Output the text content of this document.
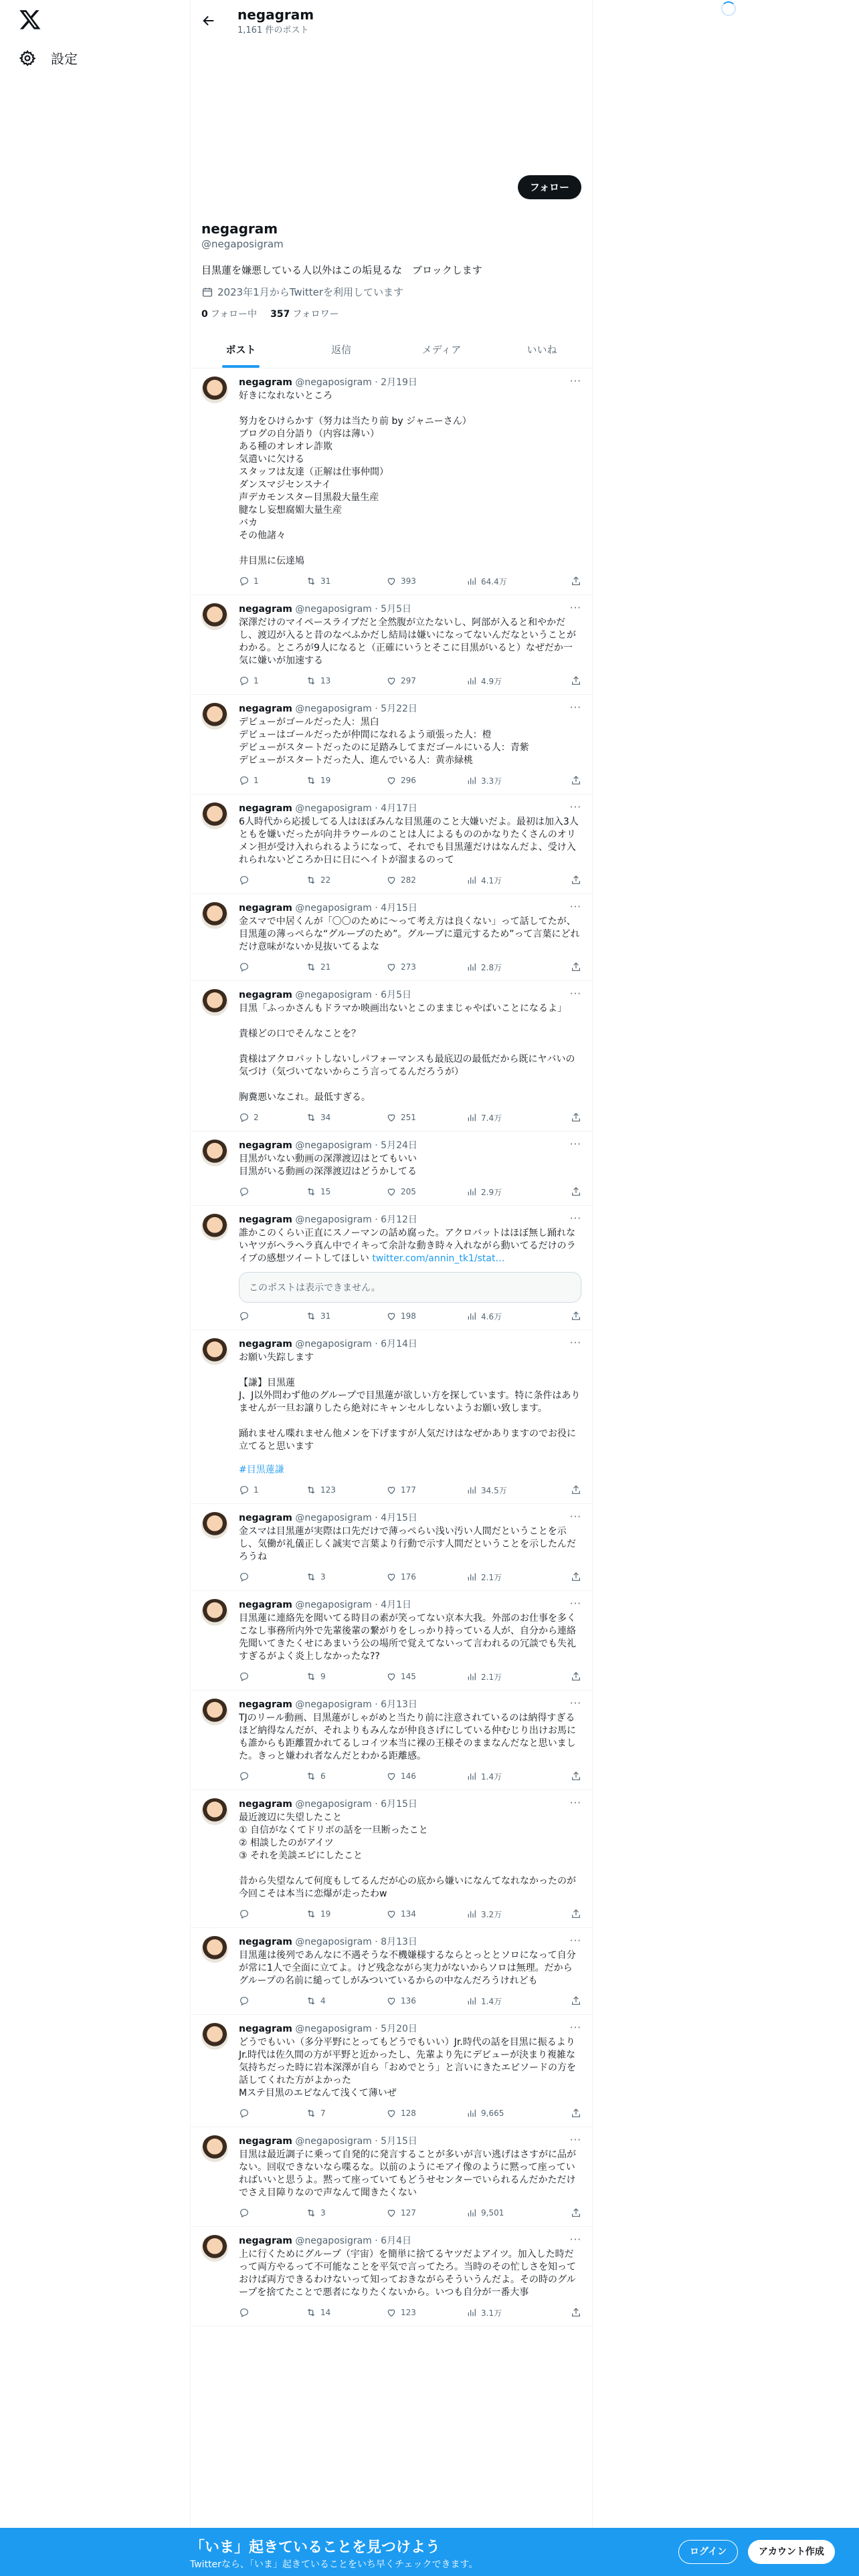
設定
negagram
1,161 件のポスト
フォロー
negagram
@negaposigram
目黒蓮を嫌悪している人以外はこの垢見るな　ブロックします
2023年1月からTwitterを利用しています
0 フォロー中 357 フォロワー
ポスト	返信	メディア	いいね
···
negagram @negaposigram · 2月19日
好きになれないところ

努力をひけらかす（努力は当たり前 by ジャニーさん）
ブログの自分語り（内容は薄い）
ある種のオレオレ詐欺
気遣いに欠ける
スタッフは友達（正解は仕事仲間）
ダンスマジセンスナイ
声デカモンスター目黒殺大量生産
腱なし妄想腐媚大量生産
バカ
その他諸々

井目黒に伝達鳩
1	31	393	64.4万
···
negagram @negaposigram · 5月5日
深澤だけのマイペースライブだと全然腹が立たないし、阿部が入ると和やかだし、渡辺が入ると昔のなべふかだし結局は嫌いになってないんだなということがわかる。ところが9人になると（正確にいうとそこに目黒がいると）なぜだか一気に嫌いが加速する
1	13	297	4.9万
···
negagram @negaposigram · 5月22日
デビューがゴールだった人：黒白
デビューはゴールだったが仲間になれるよう頑張った人：橙
デビューがスタートだったのに足踏みしてまだゴールにいる人：青紫
デビューがスタートだった人、進んでいる人：黄赤緑桃
1	19	296	3.3万
···
negagram @negaposigram · 4月17日
6人時代から応援してる人はほぼみんな目黒蓮のこと大嫌いだよ。最初は加入3人ともを嫌いだったが向井ラウールのことは人によるもののかなりたくさんのオリメン担が受け入れられるようになって、それでも目黒蓮だけはなんだよ、受け入れられないどころか日に日にヘイトが溜まるのって
22	282	4.1万
···
negagram @negaposigram · 4月15日
金スマで中居くんが「〇〇のために〜って考え方は良くない」って話してたが、目黒蓮の薄っぺらな“グループのため”。グループに還元するため”って言葉にどれだけ意味がないか見抜いてるよな
21	273	2.8万
···
negagram @negaposigram · 6月5日
目黒「ふっかさんもドラマか映画出ないとこのままじゃやばいことになるよ」

貴様どの口でそんなことを？

貴様はアクロバットしないしパフォーマンスも最底辺の最低だから既にヤバいの気づけ（気づいてないからこう言ってるんだろうが）

胸糞悪いなこれ。最低すぎる。
2	34	251	7.4万
···
negagram @negaposigram · 5月24日
目黒がいない動画の深澤渡辺はとてもいい
目黒がいる動画の深澤渡辺はどうかしてる
15	205	2.9万
···
negagram @negaposigram · 6月12日
誰かこのくらい正直にスノーマンの話め腐った。アクロバットはほぼ無し踊れないヤツがヘラヘラ真ん中でイキって余計な動き時々入れながら動いてるだけのライブの感想ツイートしてほしい twitter.com/annin_tk1/stat…
このポストは表示できません。
31	198	4.6万
···
negagram @negaposigram · 6月14日
お願い失踪します

【謙】目黒蓮
J、J以外問わず他のグループで目黒蓮が欲しい方を探しています。特に条件はありませんが一旦お譲りしたら絶対にキャンセルしないようお願い致します。

踊れません喋れません他メンを下げますが人気だけはなぜかありますのでお役に立てると思います
#目黒蓮謙
1	123	177	34.5万
···
negagram @negaposigram · 4月15日
金スマは目黒蓮が実際は口先だけで薄っぺらい浅い汚い人間だということを示し、気働が礼儀正しく誠実で言葉より行動で示す人間だということを示したんだろうね
3	176	2.1万
···
negagram @negaposigram · 4月1日
目黒蓮に連絡先を聞いてる時目の素が笑ってない京本大我。外部のお仕事を多くこなし事務所内外で先輩後輩の繋がりをしっかり持っている人が、自分から連絡先聞いてきたくせにあまいう公の場所で覚えてないって言われるの冗談でも失礼すぎるがよく炎上しなかったな??
9	145	2.1万
···
negagram @negaposigram · 6月13日
TJのリール動画、目黒蓮がしゃがめと当たり前に注意されているのは納得すぎるほど納得なんだが、それよりもみんなが仲良さげにしている仲むじり出けお馬にも誰からも距離置かれてるしコイツ本当に裸の王様そのままなんだなと思いました。きっと嫌われ者なんだとわかる距離感。
6	146	1.4万
···
negagram @negaposigram · 6月15日
最近渡辺に失望したこと
① 自信がなくてドリボの話を一旦断ったこと
② 相談したのがアイツ
③ それを美談エピにしたこと

昔から失望なんて何度もしてるんだが心の底から嫌いになんてなれなかったのが今回こそは本当に恋爆が走ったわw
19	134	3.2万
···
negagram @negaposigram · 8月13日
目黒蓮は後列であんなに不遇そうな不機嫌様するならとっととソロになって自分が常に1人で全面に立てよ。けど残念ながら実力がないからソロは無理。だからグループの名前に縋ってしがみついているからの中なんだろうけれども
4	136	1.4万
···
negagram @negaposigram · 5月20日
どうでもいい（多分平野にとってもどうでもいい）Jr.時代の話を目黒に振るよりJr.時代は佐久間の方が平野と近かったし、先輩より先にデビューが決まり複雑な気持ちだった時に岩本深澤が自ら「おめでとう」と言いにきたエピソードの方を話してくれた方がよかった
Mステ目黒のエピなんて浅くて薄いぜ
7	128	9,665
···
negagram @negaposigram · 5月15日
目黒は最近調子に乗って自発的に発言することが多いが言い逃げはさすがに品がない。回収できないなら喋るな。以前のようにモアイ像のように黙って座っていればいいと思うよ。黙って座っていてもどうせセンターでいられるんだかただけでさえ目障りなので声なんて聞きたくない
3	127	9,501
···
negagram @negaposigram · 6月4日
上に行くためにグループ（宇宙）を簡単に捨てるヤツだよアイツ。加入した時だって両方やるって不可能なことを平気で言ってたろ。当時のその忙しさを知っておけば両方できるわけないって知っておきながらそういうんだよ。その時のグループを捨てたことで悪者になりたくないから。いつも自分が一番大事
14	123	3.1万
「いま」起きていることを見つけよう
Twitterなら、「いま」起きていることをいち早くチェックできます。
ログイン	アカウント作成
